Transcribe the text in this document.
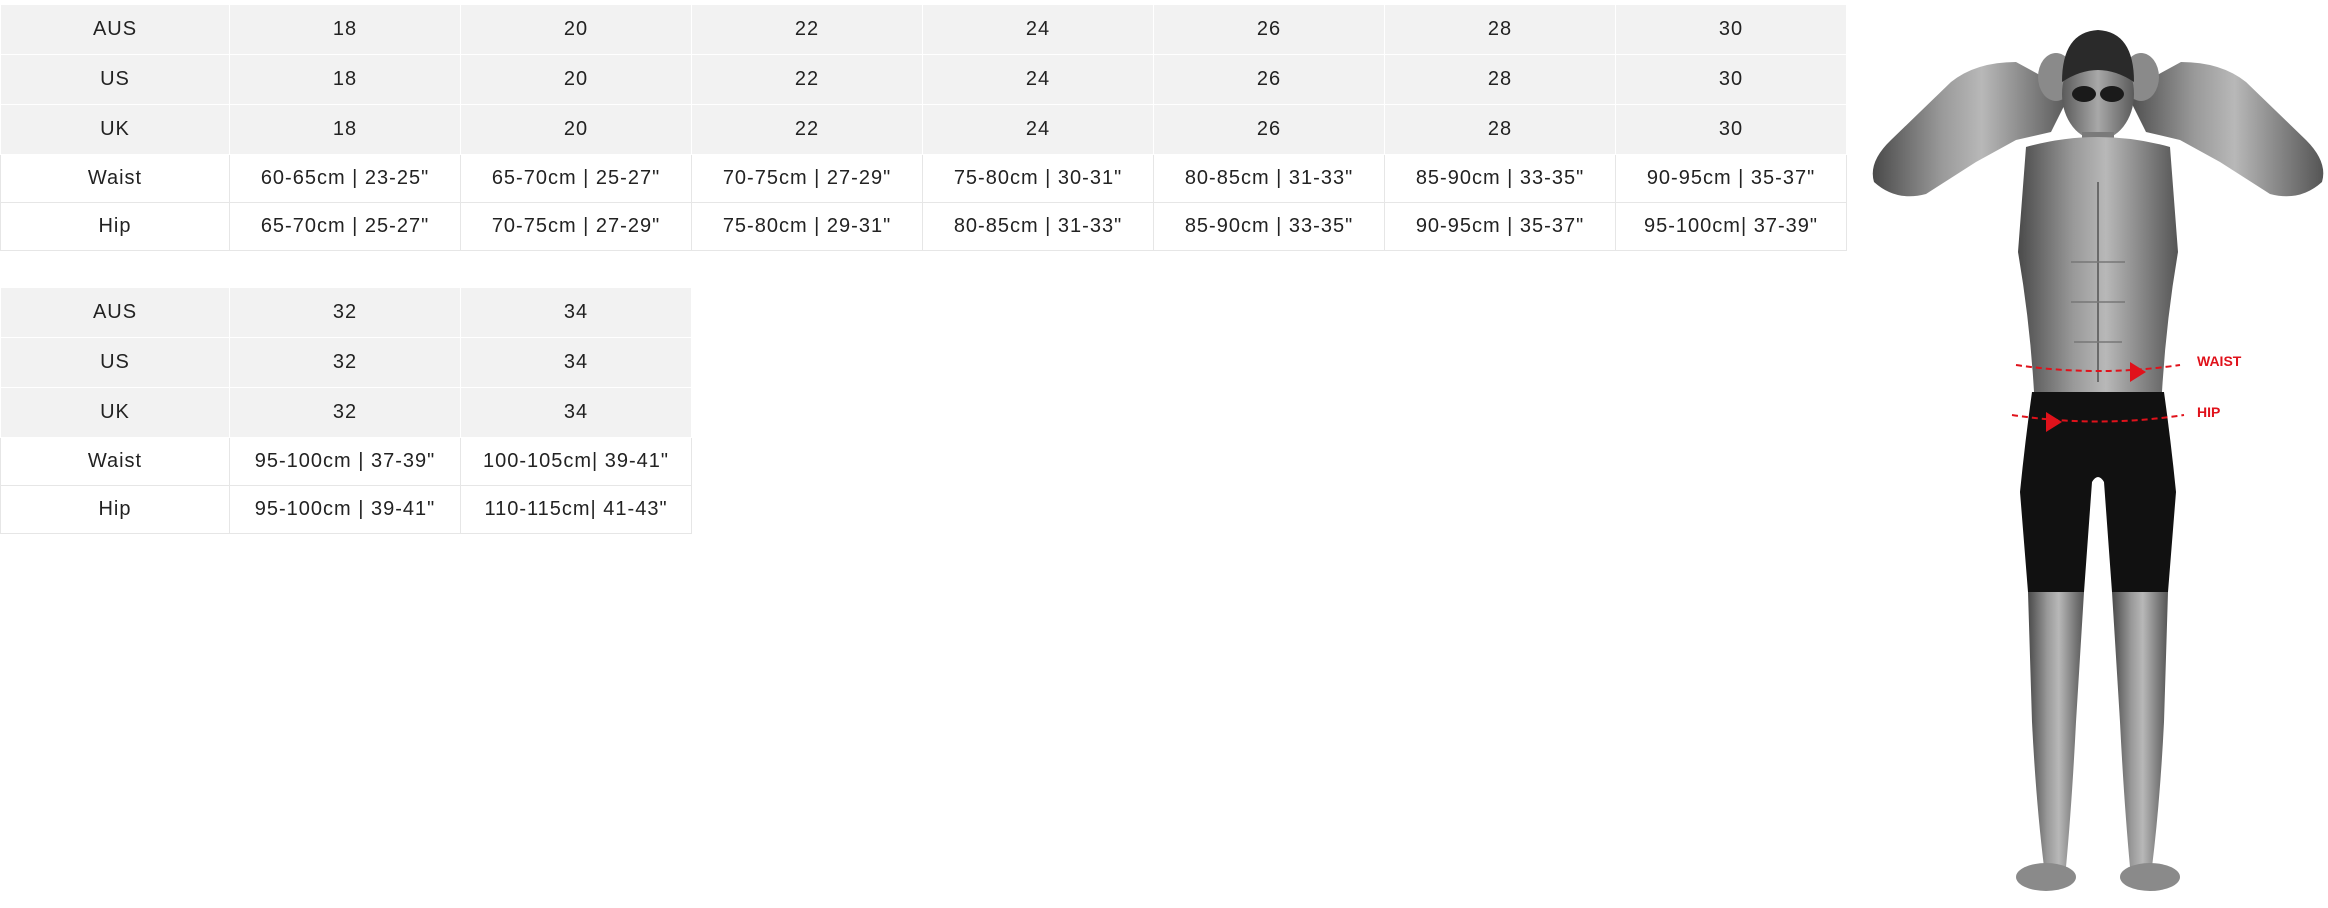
AUS	18	20	22	24	26	28	30
US	18	20	22	24	26	28	30
UK	18	20	22	24	26	28	30
Waist	60-65cm | 23-25"	65-70cm | 25-27"	70-75cm | 27-29"	75-80cm | 30-31"	80-85cm | 31-33"	85-90cm | 33-35"	90-95cm | 35-37"
Hip	65-70cm | 25-27"	70-75cm | 27-29"	75-80cm | 29-31"	80-85cm | 31-33"	85-90cm | 33-35"	90-95cm | 35-37"	95-100cm| 37-39"
AUS	32	34
US	32	34
UK	32	34
Waist	95-100cm | 37-39"	100-105cm| 39-41"
Hip	95-100cm | 39-41"	110-115cm| 41-43"
WAIST
HIP
